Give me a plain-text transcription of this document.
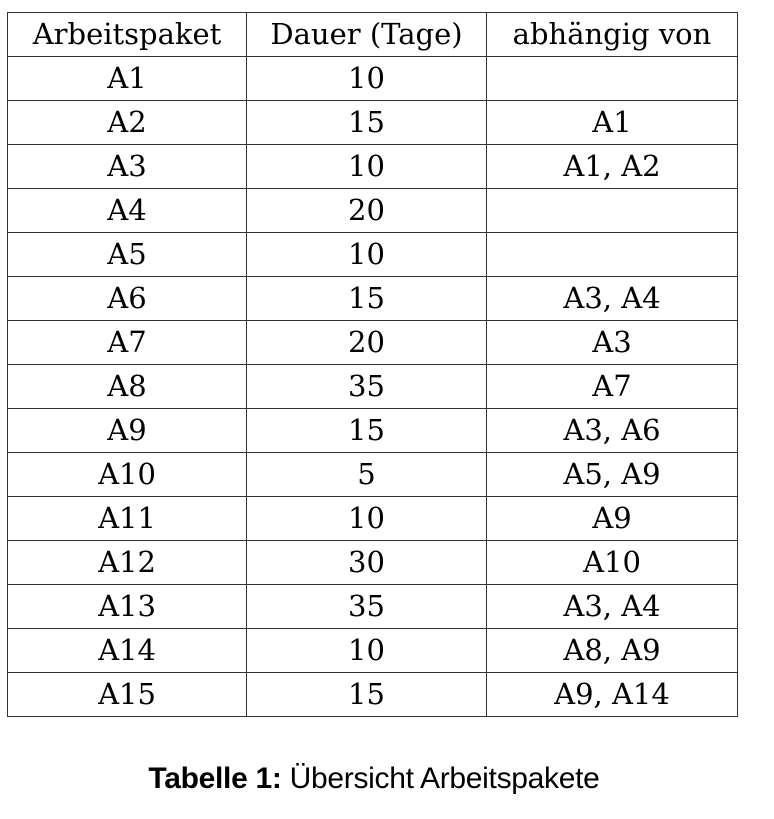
Arbeitspaket	Dauer (Tage)	abhängig von
A1	10	
A2	15	A1
A3	10	A1, A2
A4	20	
A5	10	
A6	15	A3, A4
A7	20	A3
A8	35	A7
A9	15	A3, A6
A10	5	A5, A9
A11	10	A9
A12	30	A10
A13	35	A3, A4
A14	10	A8, A9
A15	15	A9, A14
Tabelle 1: Übersicht Arbeitspakete
